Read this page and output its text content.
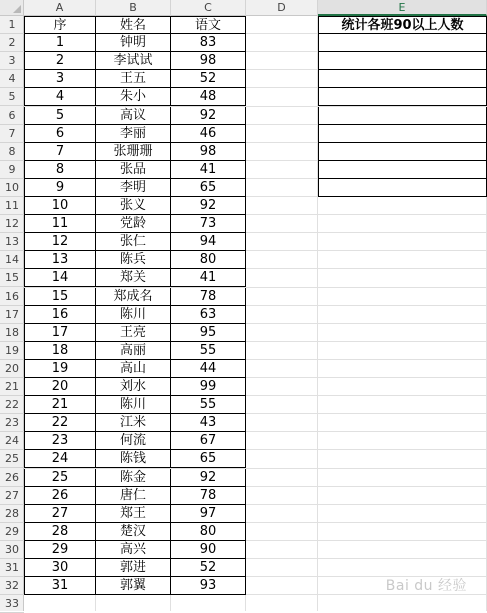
A	B	C	D	E
1
2
3
4
5
6
7
8
9
10
11
12
13
14
15
16
17
18
19
20
21
22
23
24
25
26
27
28
29
30
31
32
33
序	姓名	语文
1	钟明	83
2	李试试	98
3	王五	52
4	朱小	48
5	高议	92
6	李丽	46
7	张珊珊	98
8	张品	41
9	李明	65
10	张义	92
11	党龄	73
12	张仁	94
13	陈兵	80
14	郑关	41
15	郑成名	78
16	陈川	63
17	王亮	95
18	高丽	55
19	高山	44
20	刘水	99
21	陈川	55
22	江米	43
23	何流	67
24	陈钱	65
25	陈金	92
26	唐仁	78
27	郑王	97
28	楚汉	80
29	高兴	90
30	郭进	52
31	郭翼	93
统计各班90以上人数
Bai du 经验
